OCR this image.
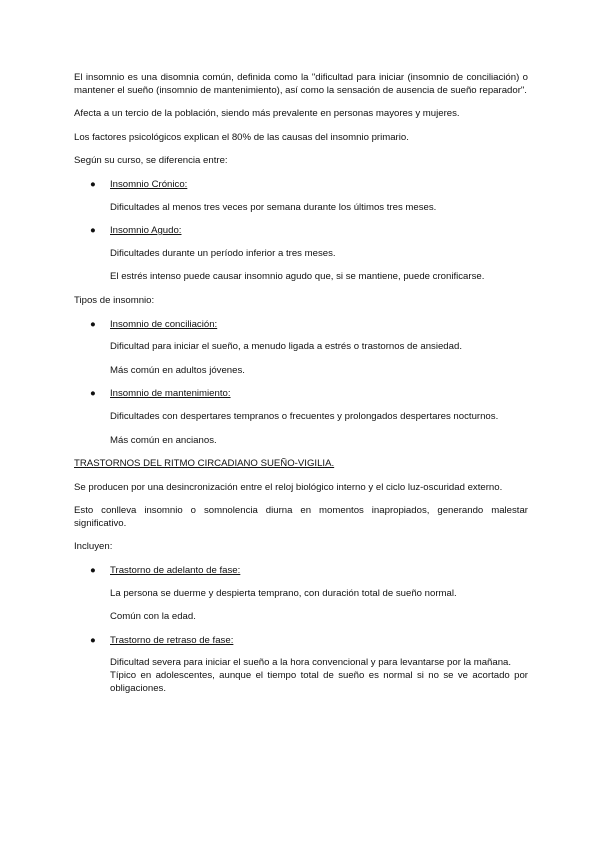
El insomnio es una disomnia común, definida como la "dificultad para iniciar (insomnio de conciliación) o mantener el sueño (insomnio de mantenimiento), así como la sensación de ausencia de sueño reparador".

Afecta a un tercio de la población, siendo más prevalente en personas mayores y mujeres.

Los factores psicológicos explican el 80% de las causas del insomnio primario.

Según su curso, se diferencia entre:

● Insomnio Crónico:

Dificultades al menos tres veces por semana durante los últimos tres meses.

● Insomnio Agudo:

Dificultades durante un período inferior a tres meses.

El estrés intenso puede causar insomnio agudo que, si se mantiene, puede cronificarse.

Tipos de insomnio:

● Insomnio de conciliación:

Dificultad para iniciar el sueño, a menudo ligada a estrés o trastornos de ansiedad.

Más común en adultos jóvenes.

● Insomnio de mantenimiento:

Dificultades con despertares tempranos o frecuentes y prolongados despertares nocturnos.

Más común en ancianos.

TRASTORNOS DEL RITMO CIRCADIANO SUEÑO-VIGILIA.

Se producen por una desincronización entre el reloj biológico interno y el ciclo luz-oscuridad externo.

Esto conlleva insomnio o somnolencia diurna en momentos inapropiados, generando malestar significativo.

Incluyen:

● Trastorno de adelanto de fase:

La persona se duerme y despierta temprano, con duración total de sueño normal.

Común con la edad.

● Trastorno de retraso de fase:

Dificultad severa para iniciar el sueño a la hora convencional y para levantarse por la mañana.

Típico en adolescentes, aunque el tiempo total de sueño es normal si no se ve acortado por obligaciones.
